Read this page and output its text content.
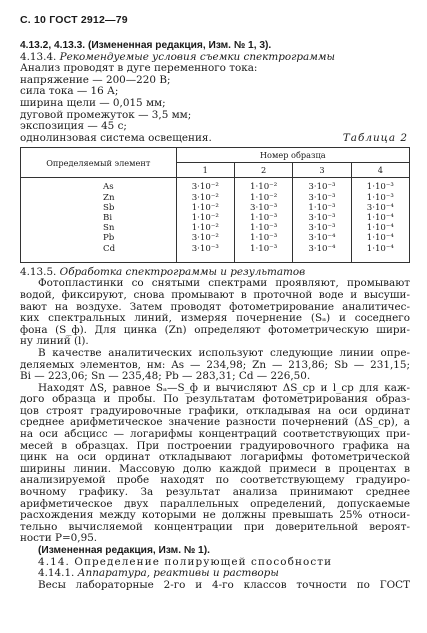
С. 10 ГОСТ 2912—79
4.13.2, 4.13.3. (Измененная редакция, Изм. № 1, 3).
4.13.4. Рекомендуемые условия съемки спектрограммы
Анализ проводят в дуге переменного тока:
напряжение — 200—220 В;
сила тока — 16 А;
ширина щели — 0,015 мм;
дуговой промежуток — 3,5 мм;
экспозиция — 45 с;
однолинзовая система освещения.	Таблица 2
Определяемый элемент	Номер образца			
	1	2	3	4
As	3·10⁻²	1·10⁻²	3·10⁻³	1·10⁻³
Zn	3·10⁻²	1·10⁻²	3·10⁻³	1·10⁻³
Sb	1·10⁻²	3·10⁻³	1·10⁻³	3·10⁻⁴
Bi	1·10⁻²	1·10⁻³	3·10⁻³	1·10⁻⁴
Sn	1·10⁻²	1·10⁻³	3·10⁻³	1·10⁻⁴
Pb	3·10⁻²	1·10⁻³	3·10⁻⁴	1·10⁻⁴
Cd	3·10⁻³	1·10⁻³	3·10⁻⁴	1·10⁻⁴
4.13.5. Обработка спектрограммы и результатов
Фотопластинки со снятыми спектрами проявляют, промывают
водой, фиксируют, снова промывают в проточной воде и высуши-
вают на воздухе. Затем проводят фотометрирование аналитичес-
ких спектральных линий, измеряя почернение (Sₐ) и соседнего
фона (S_ф). Для цинка (Zn) определяют фотометрическую шири-
ну линий (l).
В качестве аналитических используют следующие линии опре-
деляемых элементов, нм: As — 234,98; Zn — 213,86; Sb — 231,15;
Bi — 223,06; Sn — 235,48; Pb — 283,31; Cd — 226,50.
Находят ΔS, равное Sₐ—S_ф и вычисляют ΔS_ср и l_ср для каж-
дого образца и пробы. По результатам фотометрирования образ-
цов строят градуировочные графики, откладывая на оси ординат
среднее арифметическое значение разности почернений (ΔS_ср), а
на оси абсцисс — логарифмы концентраций соответствующих при-
месей в образцах. При построении градуировочного графика на
цинк на оси ординат откладывают логарифмы фотометрической
ширины линии. Массовую долю каждой примеси в процентах в
анализируемой пробе находят по соответствующему градуиро-
вочному графику. За результат анализа принимают среднее
арифметическое двух параллельных определений, допускаемые
расхождения между которыми не должны превышать 25% относи-
тельно вычисляемой концентрации при доверительной вероят-
ности P=0,95.
(Измененная редакция, Изм. № 1).
4.14. Определение полирующей способности
4.14.1. Аппаратура, реактивы и растворы
Весы лабораторные 2-го и 4-го классов точности по ГОСТ
